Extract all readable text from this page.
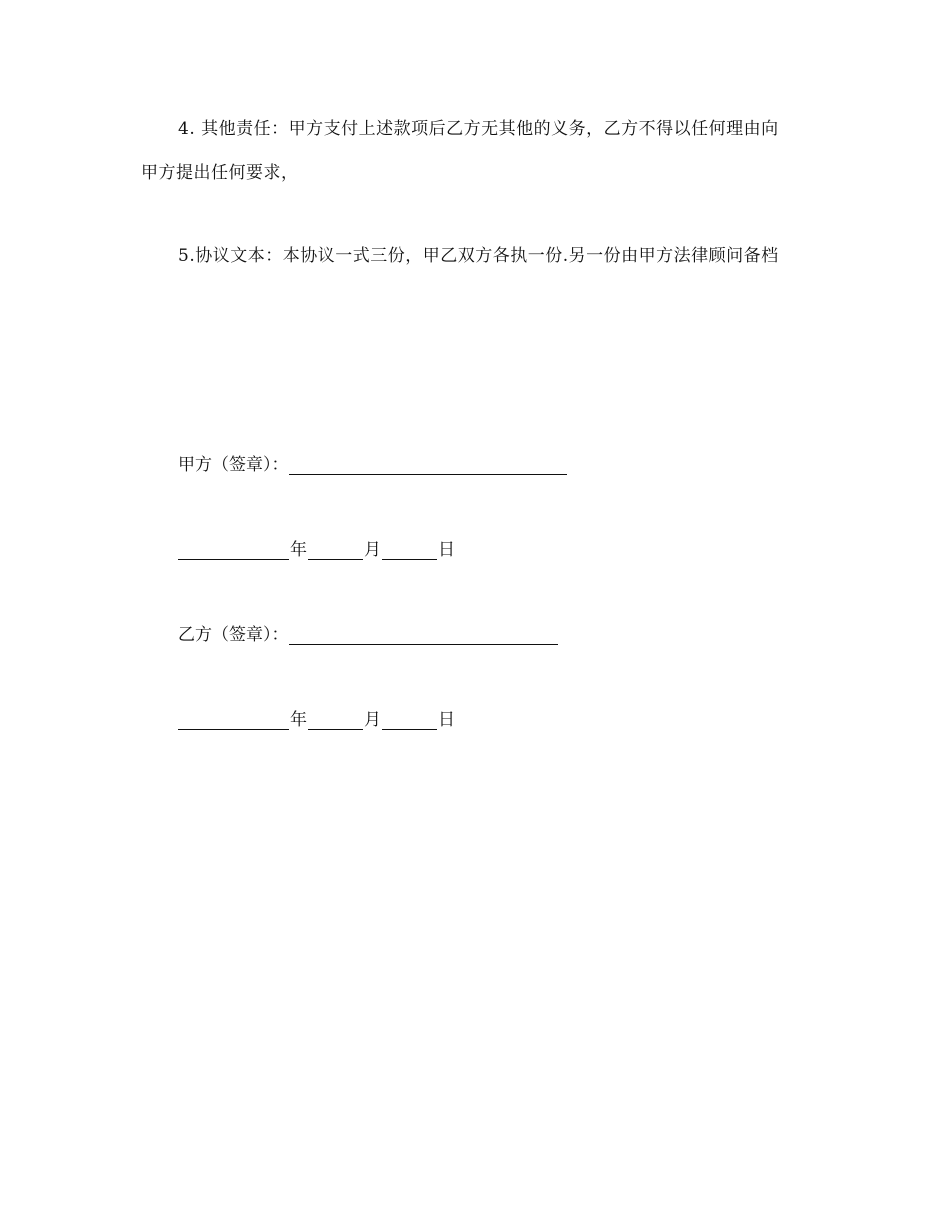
4. 其他责任：甲方支付上述款项后乙方无其他的义务，乙方不得以任何理由向
甲方提出任何要求，
5.协议文本：本协议一式三份，甲乙双方各执一份.另一份由甲方法律顾问备档
甲方（签章）：
年	月	日
乙方（签章）：
年	月	日
